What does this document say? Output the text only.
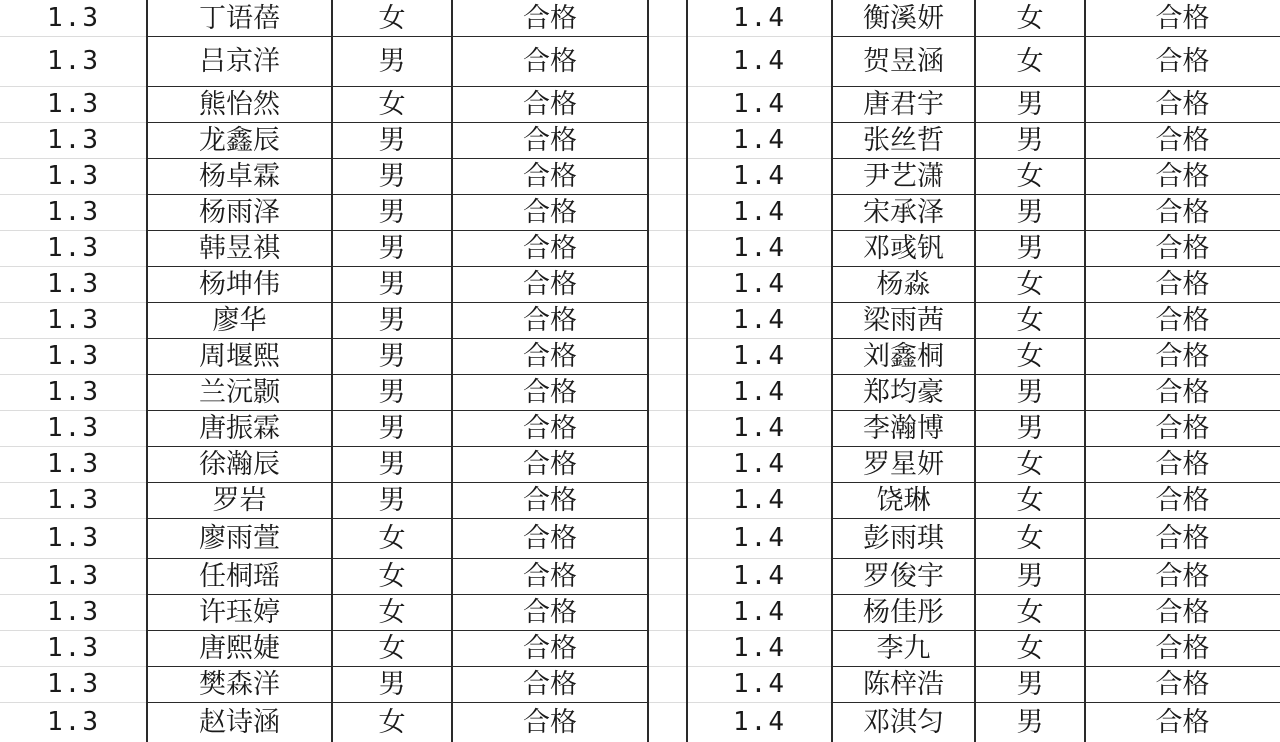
1.3	丁语蓓	女	合格
1.3	吕京洋	男	合格
1.3	熊怡然	女	合格
1.3	龙鑫辰	男	合格
1.3	杨卓霖	男	合格
1.3	杨雨泽	男	合格
1.3	韩昱祺	男	合格
1.3	杨坤伟	男	合格
1.3	廖华	男	合格
1.3	周堰熙	男	合格
1.3	兰沅颢	男	合格
1.3	唐振霖	男	合格
1.3	徐瀚辰	男	合格
1.3	罗岩	男	合格
1.3	廖雨萱	女	合格
1.3	任桐瑶	女	合格
1.3	许珏婷	女	合格
1.3	唐熙婕	女	合格
1.3	樊森洋	男	合格
1.3	赵诗涵	女	合格
1.4	衡溪妍	女	合格
1.4	贺昱涵	女	合格
1.4	唐君宇	男	合格
1.4	张丝哲	男	合格
1.4	尹艺潇	女	合格
1.4	宋承泽	男	合格
1.4	邓彧钒	男	合格
1.4	杨淼	女	合格
1.4	梁雨茜	女	合格
1.4	刘鑫桐	女	合格
1.4	郑均豪	男	合格
1.4	李瀚博	男	合格
1.4	罗星妍	女	合格
1.4	饶琳	女	合格
1.4	彭雨琪	女	合格
1.4	罗俊宇	男	合格
1.4	杨佳彤	女	合格
1.4	李九	女	合格
1.4	陈梓浩	男	合格
1.4	邓淇匀	男	合格
